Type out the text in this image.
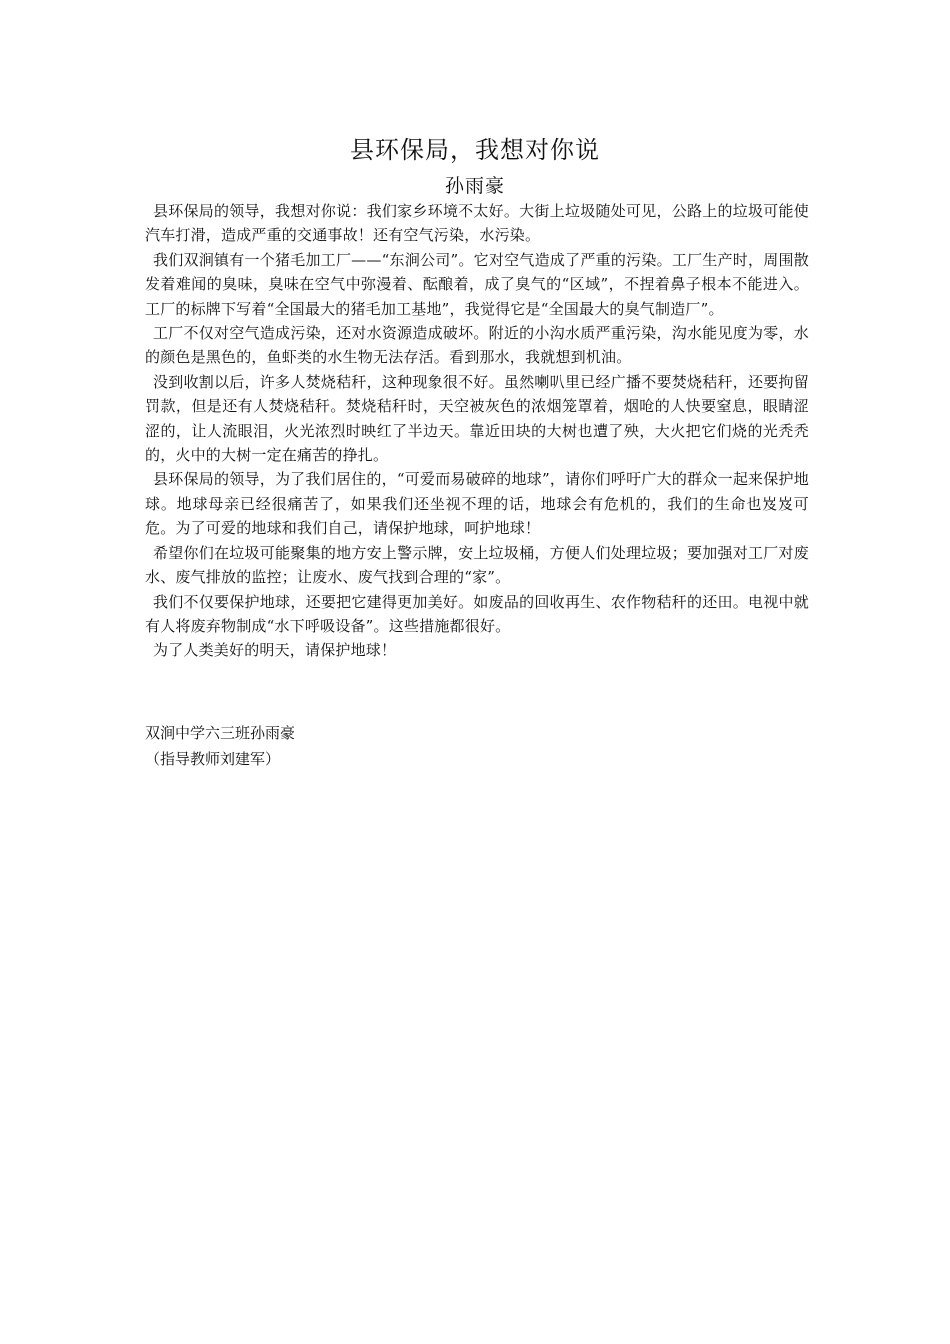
县环保局，我想对你说
孙雨豪

县环保局的领导，我想对你说：我们家乡环境不太好。大街上垃圾随处可见，公路上的垃圾可能使汽车打滑，造成严重的交通事故！还有空气污染，水污染。

我们双涧镇有一个猪毛加工厂——“东涧公司”。它对空气造成了严重的污染。工厂生产时，周围散发着难闻的臭味，臭味在空气中弥漫着、酝酿着，成了臭气的“区域”，不捏着鼻子根本不能进入。工厂的标牌下写着“全国最大的猪毛加工基地”，我觉得它是“全国最大的臭气制造厂”。

工厂不仅对空气造成污染，还对水资源造成破坏。附近的小沟水质严重污染，沟水能见度为零，水的颜色是黑色的，鱼虾类的水生物无法存活。看到那水，我就想到机油。

没到收割以后，许多人焚烧秸秆，这种现象很不好。虽然喇叭里已经广播不要焚烧秸秆，还要拘留罚款，但是还有人焚烧秸秆。焚烧秸秆时，天空被灰色的浓烟笼罩着，烟呛的人快要窒息，眼睛涩涩的，让人流眼泪，火光浓烈时映红了半边天。靠近田块的大树也遭了殃，大火把它们烧的光秃秃的，火中的大树一定在痛苦的挣扎。

县环保局的领导，为了我们居住的，“可爱而易破碎的地球”，请你们呼吁广大的群众一起来保护地球。地球母亲已经很痛苦了，如果我们还坐视不理的话，地球会有危机的，我们的生命也岌岌可危。为了可爱的地球和我们自己，请保护地球，呵护地球！

希望你们在垃圾可能聚集的地方安上警示牌，安上垃圾桶，方便人们处理垃圾；要加强对工厂对废水、废气排放的监控；让废水、废气找到合理的“家”。

我们不仅要保护地球，还要把它建得更加美好。如废品的回收再生、农作物秸秆的还田。电视中就有人将废弃物制成“水下呼吸设备”。这些措施都很好。

为了人类美好的明天，请保护地球！

双涧中学六三班孙雨豪
（指导教师刘建军）
